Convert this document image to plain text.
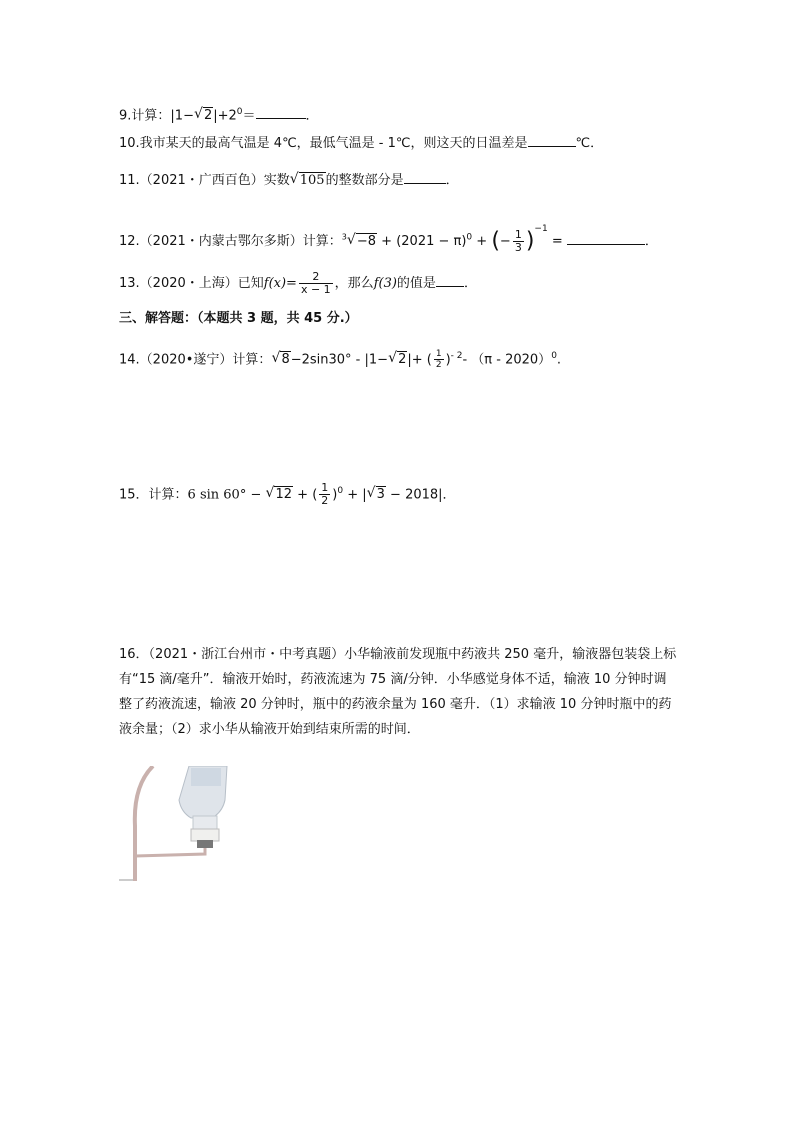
9.计算：|1−√ $2|+2^0=$	．
10.我市某天的最高气温是 4℃，最低气温是 - 1℃，则这天的日温差是	℃．
11.（2021・广西百色）实数√ 105的整数部分是	．
12.（2021・内蒙古鄂尔多斯）计算：$^3√ -8 + (2021 - \pi)^0$ + (− $\frac{1}{3} )^{-1}$ =	．
13.（2020・上海）已知$f(x)= \frac{2}{x - 1}$ ，那么f(3)的值是 ．
三、解答题：（本题共 3 题，共 45 分.）
14.（2020•遂宁）计算：√ 8−2sin30° - |1−√ 2|+ ( $\frac{1}{2} )^{- 2}-$ （π - 2020）$^0$.
15．计算：6 sin 60° − √ 12 + ( $\frac{1}{2} )^0$ + |√ 3 − 2018|．
16．（2021・浙江台州市・中考真题）小华输液前发现瓶中药液共 250 毫升，输液器包装袋上标有“15 滴/毫升”．输液开始时，药液流速为 75 滴/分钟．小华感觉身体不适，输液 10 分钟时调整了药液流速，输液 20 分钟时，瓶中的药液余量为 160 毫升．（1）求输液 10 分钟时瓶中的药液余量；（2）求小华从输液开始到结束所需的时间．
